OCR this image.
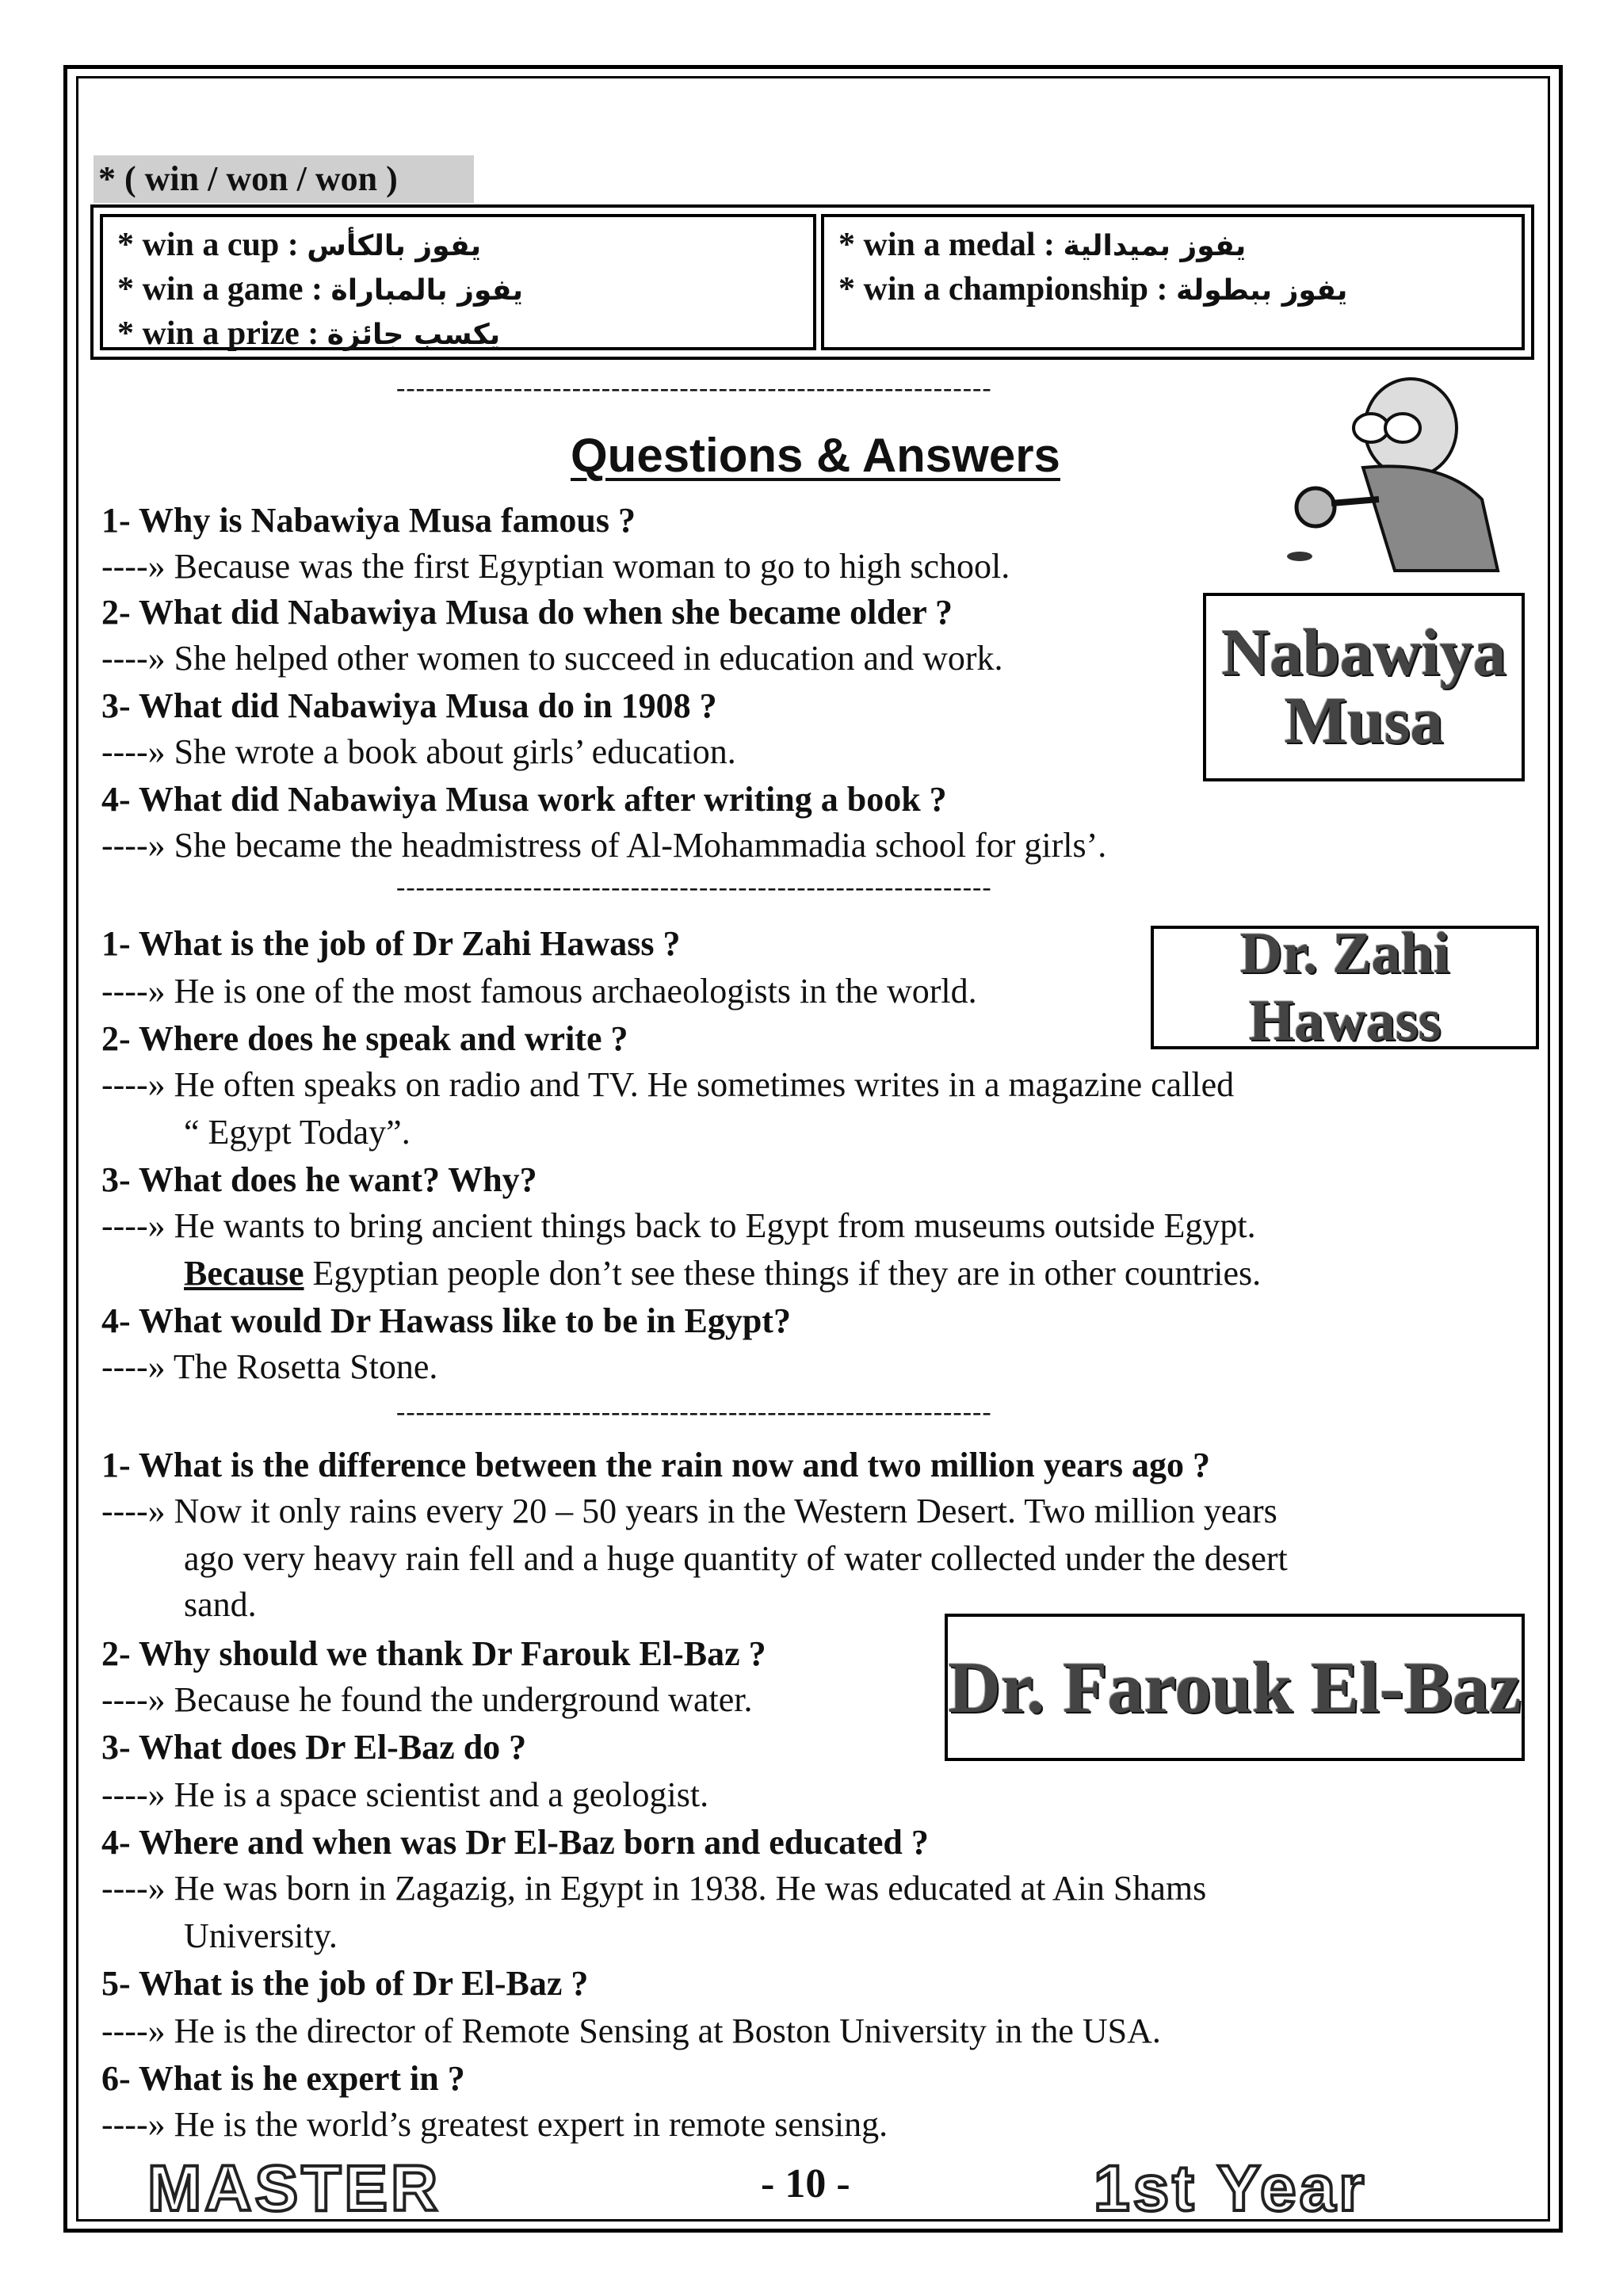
* ( win / won / won )
* win a cup : يفوز بالكأس
* win a game : يفوز بالمباراة
* win a prize : يكسب جائزة
* win a medal : يفوز بميدالية
* win a championship : يفوز ببطولة
-------------------------------------------------------------
Questions & Answers
Nabawiya
Musa
1- Why is Nabawiya Musa famous ?
----» Because was the first Egyptian woman to go to high school.
2- What did Nabawiya Musa do when she became older ?
----» She helped other women to succeed in education and work.
3- What did Nabawiya Musa do in 1908 ?
----» She wrote a book about girls’ education.
4- What did Nabawiya Musa work after writing a book ?
----» She became the headmistress of Al-Mohammadia school for girls’.
-------------------------------------------------------------
Dr. Zahi Hawass
1- What is the job of Dr Zahi Hawass ?
----» He is one of the most famous archaeologists in the world.
2- Where does he speak and write ?
----» He often speaks on radio and TV. He sometimes writes in a magazine called
“ Egypt Today”.
3- What does he want? Why?
----» He wants to bring ancient things back to Egypt from museums outside Egypt.
Because Egyptian people don’t see these things if they are in other countries.
4- What would Dr Hawass like to be in Egypt?
----» The Rosetta Stone.
-------------------------------------------------------------
1- What is the difference between the rain now and two million years ago ?
----» Now it only rains every 20 – 50 years in the Western Desert. Two million years
ago very heavy rain fell and a huge quantity of water collected under the desert
sand.
Dr. Farouk El-Baz
2- Why should we thank Dr Farouk El-Baz ?
----» Because he found the underground water.
3- What does Dr El-Baz do ?
----» He is a space scientist and a geologist.
4- Where and when was Dr El-Baz born and educated ?
----» He was born in Zagazig, in Egypt in 1938. He was educated at Ain Shams
University.
5- What is the job of Dr El-Baz ?
----» He is the director of Remote Sensing at Boston University in the USA.
6- What is he expert in ?
----» He is the world’s greatest expert in remote sensing.
MASTER	- 10 -	1st Year
